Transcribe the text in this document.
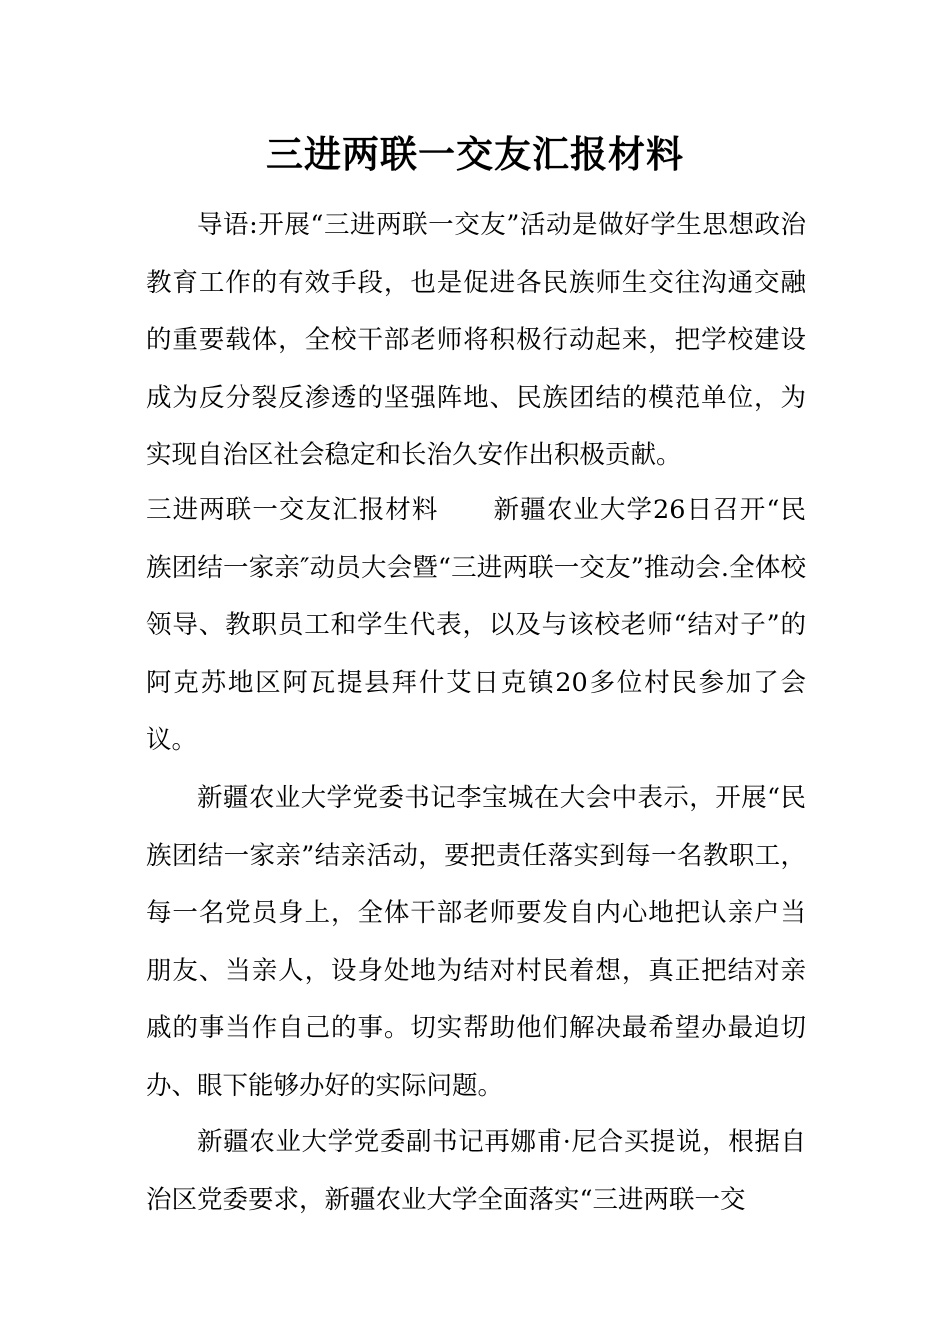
三进两联一交友汇报材料

导语:开展“三进两联一交友”活动是做好学生思想政治教育工作的有效手段，也是促进各民族师生交往沟通交融的重要载体，全校干部老师将积极行动起来，把学校建设成为反分裂反渗透的坚强阵地、民族团结的模范单位，为实现自治区社会稳定和长治久安作出积极贡献。

三进两联一交友汇报材料 新疆农业大学26日召开“民族团结一家亲″动员大会暨“三进两联一交友”推动会.全体校领导、教职员工和学生代表，以及与该校老师“结对子”的阿克苏地区阿瓦提县拜什艾日克镇20多位村民参加了会议。

新疆农业大学党委书记李宝城在大会中表示，开展“民族团结一家亲”结亲活动，要把责任落实到每一名教职工，每一名党员身上，全体干部老师要发自内心地把认亲户当朋友、当亲人，设身处地为结对村民着想，真正把结对亲戚的事当作自己的事。切实帮助他们解决最希望办最迫切办、眼下能够办好的实际问题。

新疆农业大学党委副书记再娜甫·尼合买提说，根据自治区党委要求，新疆农业大学全面落实“三进两联一交
